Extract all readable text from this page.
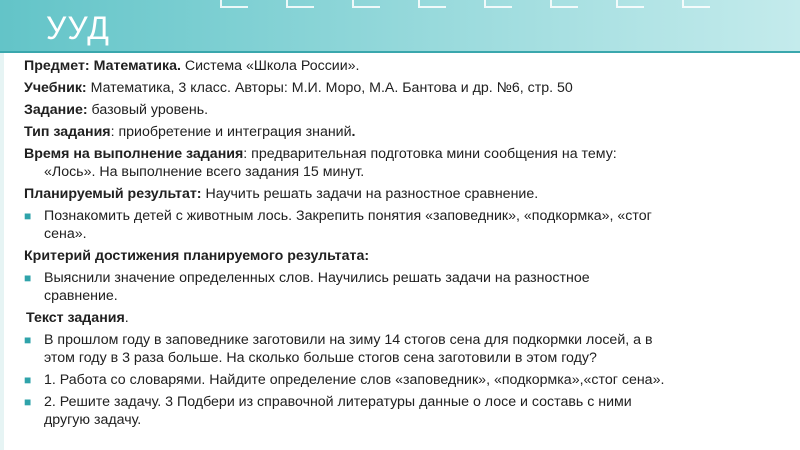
УУД
Предмет: Математика. Система «Школа России».
Учебник: Математика, 3 класс. Авторы: М.И. Моро, М.А. Бантова и др. №6, стр. 50
Задание: базовый уровень.
Тип задания: приобретение и интеграция знаний.
Время на выполнение задания: предварительная подготовка мини сообщения на тему:
«Лось». На выполнение всего задания 15 минут.
Планируемый результат: Научить решать задачи на разностное сравнение.
■ Познакомить детей с животным лось. Закрепить понятия «заповедник», «подкормка», «стог
сена».
Критерий достижения планируемого результата:
■ Выяснили значение определенных слов. Научились решать задачи на разностное
сравнение.
Текст задания.
■ В прошлом году в заповеднике заготовили на зиму 14 стогов сена для подкормки лосей, а в
этом году в 3 раза больше. На сколько больше стогов сена заготовили в этом году?
■ 1. Работа со словарями. Найдите определение слов «заповедник», «подкормка»,«стог сена».
■ 2. Решите задачу. 3 Подбери из справочной литературы данные о лосе и составь с ними
другую задачу.
